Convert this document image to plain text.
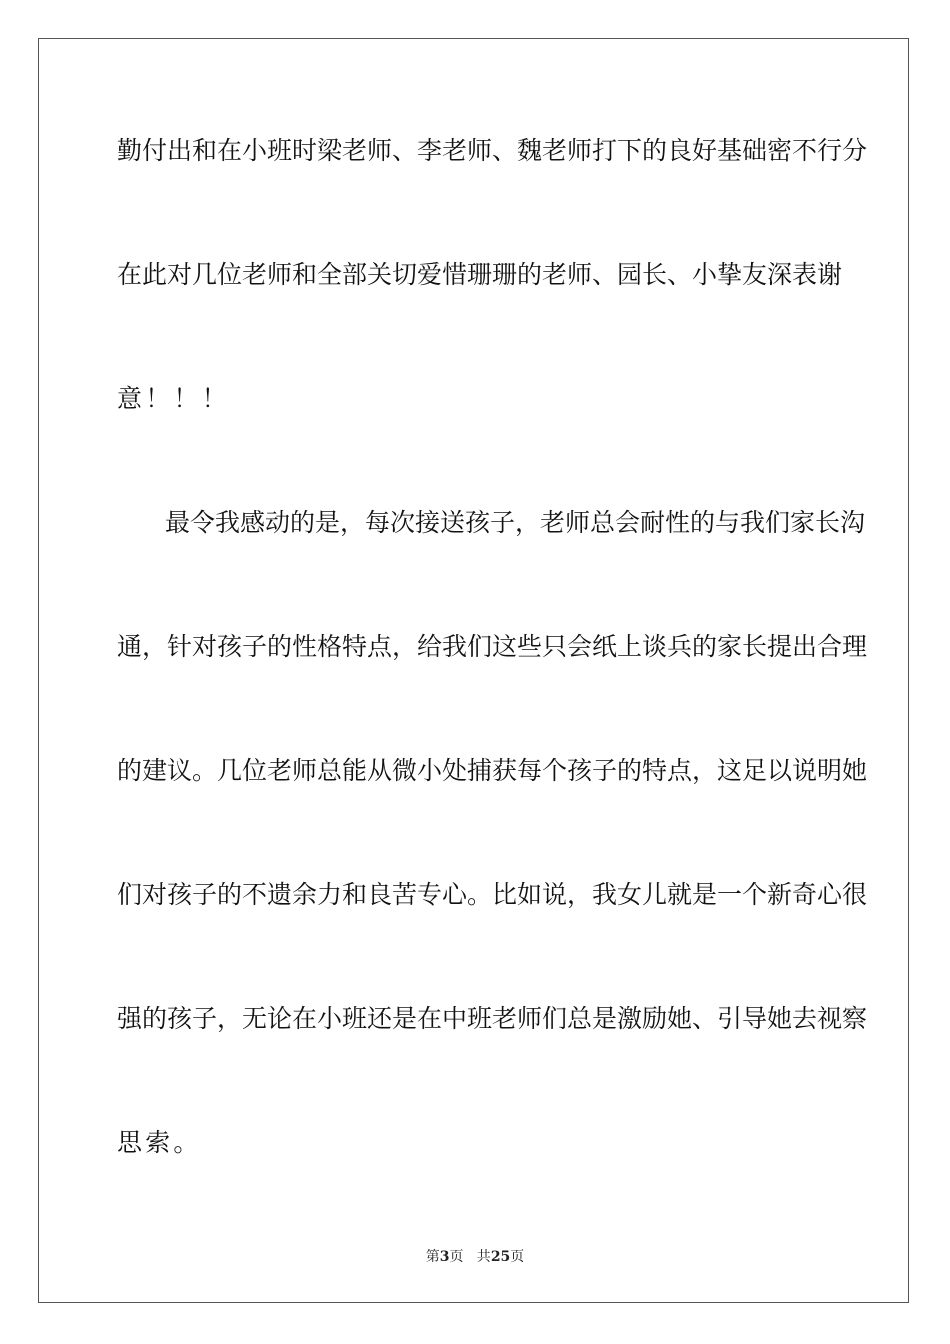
勤付出和在小班时梁老师、李老师、魏老师打下的良好基础密不行分
在此对几位老师和全部关切爱惜珊珊的老师、园长、小挚友深表谢
意！！！
最令我感动的是，每次接送孩子，老师总会耐性的与我们家长沟
通，针对孩子的性格特点，给我们这些只会纸上谈兵的家长提出合理
的建议。几位老师总能从微小处捕获每个孩子的特点，这足以说明她
们对孩子的不遗余力和良苦专心。比如说，我女儿就是一个新奇心很
强的孩子，无论在小班还是在中班老师们总是激励她、引导她去视察
思索。
第3页   共25页
